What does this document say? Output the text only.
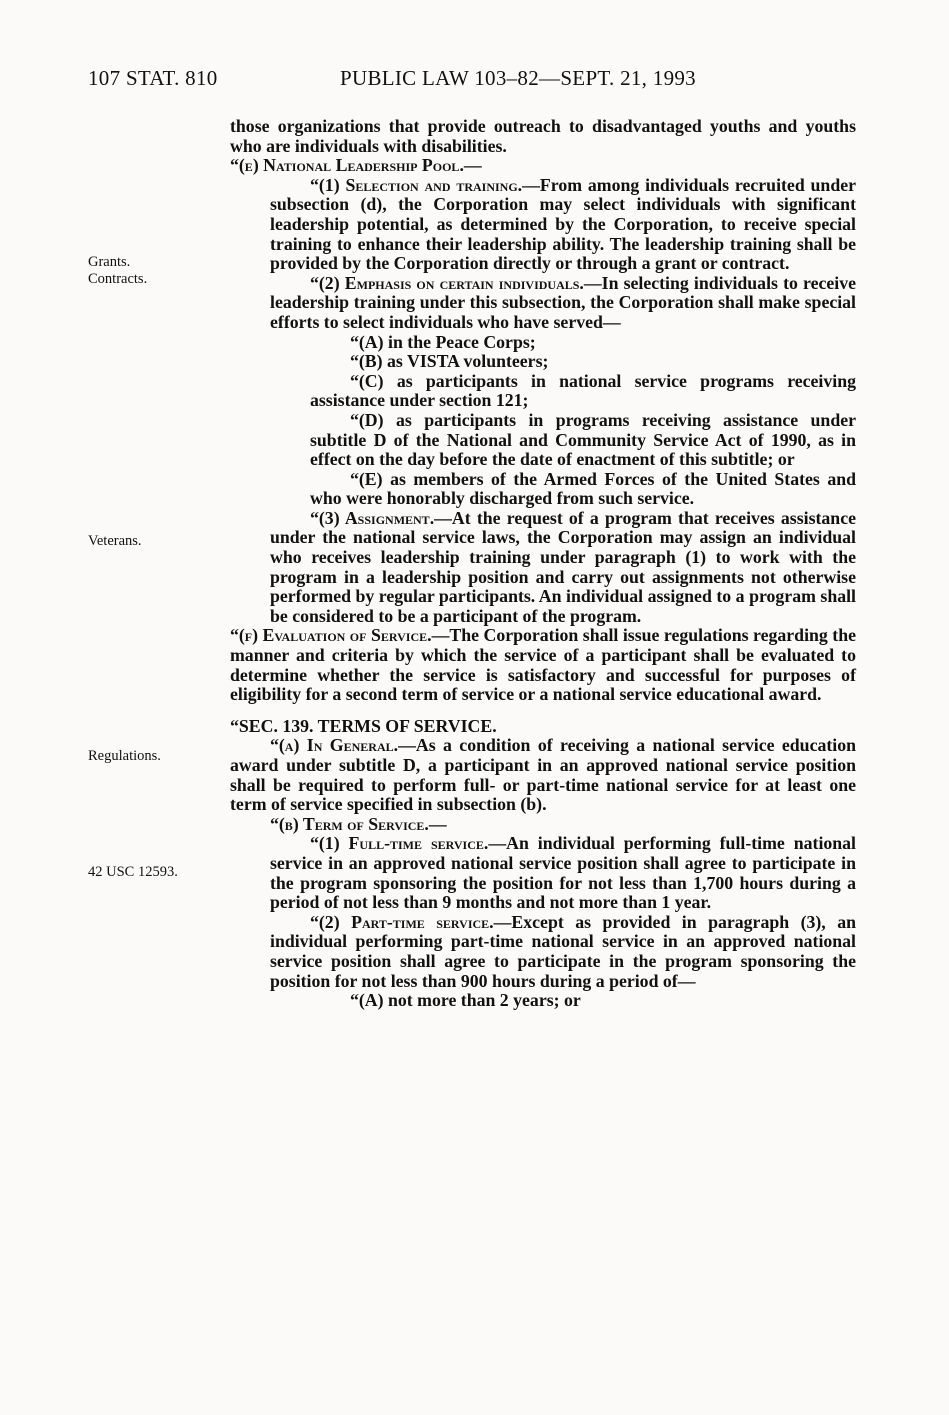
107 STAT. 810	PUBLIC LAW 103–82—SEPT. 21, 1993
Grants.
Contracts.
Veterans.
Regulations.
42 USC 12593.

those organizations that provide outreach to disadvantaged youths and youths who are individuals with disabilities.

“(e) National Leadership Pool.—

“(1) Selection and training.—From among individuals recruited under subsection (d), the Corporation may select individuals with significant leadership potential, as determined by the Corporation, to receive special training to enhance their leadership ability. The leadership training shall be provided by the Corporation directly or through a grant or contract.

“(2) Emphasis on certain individuals.—In selecting individuals to receive leadership training under this subsection, the Corporation shall make special efforts to select individuals who have served—

“(A) in the Peace Corps;

“(B) as VISTA volunteers;

“(C) as participants in national service programs receiving assistance under section 121;

“(D) as participants in programs receiving assistance under subtitle D of the National and Community Service Act of 1990, as in effect on the day before the date of enactment of this subtitle; or

“(E) as members of the Armed Forces of the United States and who were honorably discharged from such service.

“(3) Assignment.—At the request of a program that receives assistance under the national service laws, the Corporation may assign an individual who receives leadership training under paragraph (1) to work with the program in a leadership position and carry out assignments not otherwise performed by regular participants. An individual assigned to a program shall be considered to be a participant of the program.

“(f) Evaluation of Service.—The Corporation shall issue regulations regarding the manner and criteria by which the service of a participant shall be evaluated to determine whether the service is satisfactory and successful for purposes of eligibility for a second term of service or a national service educational award.

“SEC. 139. TERMS OF SERVICE.

“(a) In General.—As a condition of receiving a national service education award under subtitle D, a participant in an approved national service position shall be required to perform full- or part-time national service for at least one term of service specified in subsection (b).

“(b) Term of Service.—

“(1) Full-time service.—An individual performing full-time national service in an approved national service position shall agree to participate in the program sponsoring the position for not less than 1,700 hours during a period of not less than 9 months and not more than 1 year.

“(2) Part-time service.—Except as provided in paragraph (3), an individual performing part-time national service in an approved national service position shall agree to participate in the program sponsoring the position for not less than 900 hours during a period of—

“(A) not more than 2 years; or
